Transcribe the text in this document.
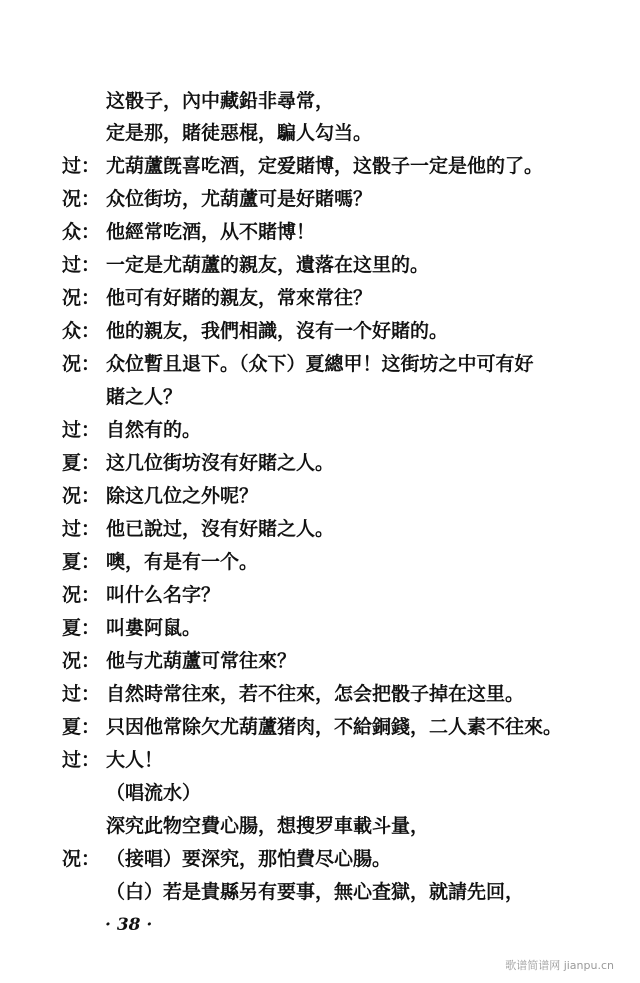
这骰子，內中藏鉛非尋常，
定是那，賭徒惡棍，騙人勾当。
过： 尤葫蘆旣喜吃酒，定爱賭博，这骰子一定是他的了。
况： 众位街坊，尤葫蘆可是好賭嗎？
众： 他經常吃酒，从不賭博！
过： 一定是尤葫蘆的親友，遺落在这里的。
况： 他可有好賭的親友，常來常往？
众： 他的親友，我們相識，沒有一个好賭的。
况： 众位暫且退下。（众下）夏總甲！这街坊之中可有好
賭之人？
过： 自然有的。
夏： 这几位街坊沒有好賭之人。
况： 除这几位之外呢？
过： 他已說过，沒有好賭之人。
夏： 噢，有是有一个。
况： 叫什么名字？
夏： 叫婁阿鼠。
况： 他与尤葫蘆可常往來？
过： 自然時常往來，若不往來，怎会把骰子掉在这里。
夏： 只因他常除欠尤葫蘆猪肉，不給銅錢，二人素不往來。
过： 大人！
（唱流水）
深究此物空費心腸，想搜罗車載斗量，
况： （接唱）要深究，那怕費尽心腸。
（白）若是貴縣另有要事，無心査獄，就請先回，
· 38 ·
歌谱简谱网 jianpu.cn
